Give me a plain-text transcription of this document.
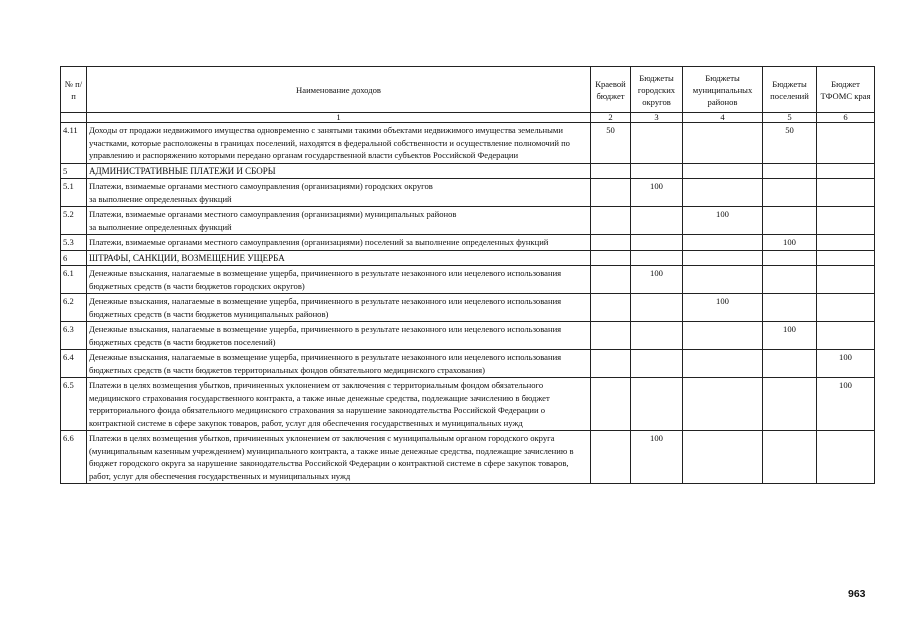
№ п/п	Наименование доходов	Краевой бюджет	Бюджеты городских округов	Бюджеты муниципальных районов	Бюджеты поселений	Бюджет ТФОМС края
	1	2	3	4	5	6
4.11	Доходы от продажи недвижимого имущества одновременно с занятыми такими объектами недвижимого имущества земельными участками, которые расположены в границах поселений, находятся в федеральной собственности и осуществление полномочий по управлению и распоряжению которыми передано органам государственной власти субъектов Российской Федерации	50			50	
5	АДМИНИСТРАТИВНЫЕ ПЛАТЕЖИ И СБОРЫ					
5.1	Платежи, взимаемые органами местного самоуправления (организациями) городских округов
за выполнение определенных функций		100			
5.2	Платежи, взимаемые органами местного самоуправления (организациями) муниципальных районов
за выполнение определенных функций			100		
5.3	Платежи, взимаемые органами местного самоуправления (организациями) поселений за выполнение определенных функций				100	
6	ШТРАФЫ, САНКЦИИ, ВОЗМЕЩЕНИЕ УЩЕРБА					
6.1	Денежные взыскания, налагаемые в возмещение ущерба, причиненного в результате незаконного или нецелевого использования бюджетных средств (в части бюджетов городских округов)		100			
6.2	Денежные взыскания, налагаемые в возмещение ущерба, причиненного в результате незаконного или нецелевого использования бюджетных средств (в части бюджетов муниципальных районов)			100		
6.3	Денежные взыскания, налагаемые в возмещение ущерба, причиненного в результате незаконного или нецелевого использования бюджетных средств (в части бюджетов поселений)				100	
6.4	Денежные взыскания, налагаемые в возмещение ущерба, причиненного в результате незаконного или нецелевого использования бюджетных средств (в части бюджетов территориальных фондов обязательного медицинского страхования)					100
6.5	Платежи в целях возмещения убытков, причиненных уклонением от заключения с территориальным фондом обязательного медицинского страхования государственного контракта, а также иные денежные средства, подлежащие зачислению в бюджет территориального фонда обязательного медицинского страхования за нарушение законодательства Российской Федерации о контрактной системе в сфере закупок товаров, работ, услуг для обеспечения государственных и муниципальных нужд					100
6.6	Платежи в целях возмещения убытков, причиненных уклонением от заключения с муниципальным органом городского округа (муниципальным казенным учреждением) муниципального контракта, а также иные денежные средства, подлежащие зачислению в бюджет городского округа за нарушение законодательства Российской Федерации о контрактной системе в сфере закупок товаров, работ, услуг для обеспечения государственных и муниципальных нужд		100			
963
